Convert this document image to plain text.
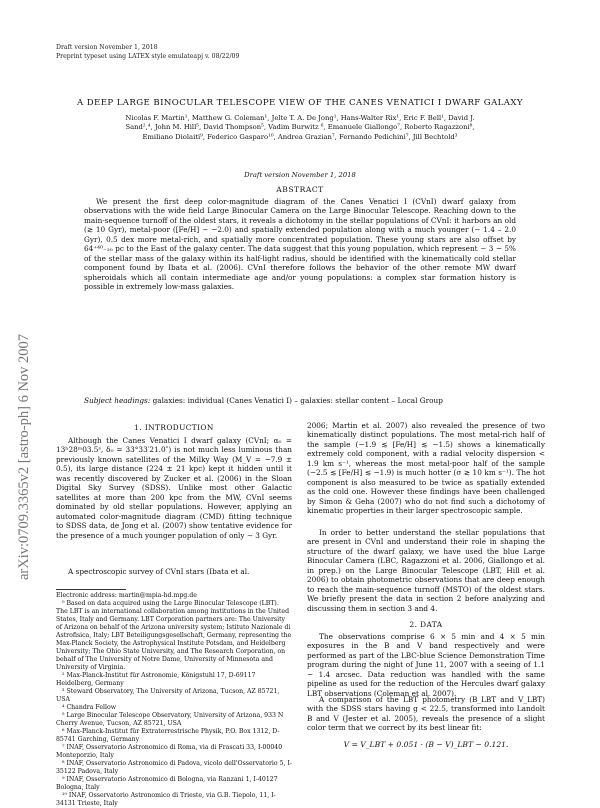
Draft version November 1, 2018
Preprint typeset using LATEX style emulateapj v. 08/22/09
arXiv:0709.3365v2 [astro-ph] 6 Nov 2007
A DEEP LARGE BINOCULAR TELESCOPE VIEW OF THE CANES VENATICI I DWARF GALAXY
Nicolas F. Martin¹, Matthew G. Coleman¹, Jelte T. A. De Jong¹, Hans-Walter Rix¹, Eric F. Bell¹, David J.
Sand²,⁴, John M. Hill⁵, David Thompson⁵, Vadim Burwitz ⁶, Emanuele Giallongo⁷, Roberto Ragazzoni⁸,
Emiliano Diolaiti⁹, Federico Gasparo¹⁰, Andrea Grazian⁷, Fernando Pedichini⁷, Jill Bechtold³
Draft version November 1, 2018
ABSTRACT

We present the first deep color-magnitude diagram of the Canes Venatici I (CVnI) dwarf galaxy from observations with the wide field Large Binocular Camera on the Large Binocular Telescope. Reaching down to the main-sequence turnoff of the oldest stars, it reveals a dichotomy in the stellar populations of CVnI: it harbors an old (≳ 10 Gyr), metal-poor ([Fe/H] ∼ −2.0) and spatially extended population along with a much younger (∼ 1.4 – 2.0 Gyr), 0.5 dex more metal-rich, and spatially more concentrated population. These young stars are also offset by 64⁺⁴⁰₋₂₀ pc to the East of the galaxy center. The data suggest that this young population, which represent ∼ 3 − 5% of the stellar mass of the galaxy within its half-light radius, should be identified with the kinematically cold stellar component found by Ibata et al. (2006). CVnI therefore follows the behavior of the other remote MW dwarf spheroidals which all contain intermediate age and/or young populations: a complex star formation history is possible in extremely low-mass galaxies.

Subject headings: galaxies: individual (Canes Venatici I) – galaxies: stellar content – Local Group

1. INTRODUCTION

Although the Canes Venatici I dwarf galaxy (CVnI; α₀ = 13ʰ28ᵐ03.5ˢ, δ₀ = 33°33′21.0″) is not much less luminous than previously known satellites of the Milky Way (M_V = −7.9 ± 0.5), its large distance (224 ± 21 kpc) kept it hidden until it was recently discovered by Zucker et al. (2006) in the Sloan Digital Sky Survey (SDSS). Unlike most other Galactic satellites at more than 200 kpc from the MW, CVnI seems dominated by old stellar populations. However, applying an automated color-magnitude diagram (CMD) fitting technique to SDSS data, de Jong et al. (2007) show tentative evidence for the presence of a much younger population of only ∼ 3 Gyr.

A spectroscopic survey of CVnI stars (Ibata et al.

Electronic address: martin@mpia-hd.mpg.de
⁰ Based on data acquired using the Large Binocular Telescope (LBT). The LBT is an international collaboration among institutions in the United States, Italy and Germany. LBT Corporation partners are: The University of Arizona on behalf of the Arizona university system; Istituto Nazionale di Astrofisica, Italy; LBT Beteiligungsgesellschaft, Germany, representing the Max-Planck Society, the Astrophysical Institute Potsdam, and Heidelberg University; The Ohio State University, and The Research Corporation, on behalf of The University of Notre Dame, University of Minnesota and University of Virginia.
² Max-Planck-Institut für Astronomie, Königstuhl 17, D-69117 Heidelberg, Germany
³ Steward Observatory, The University of Arizona, Tucson, AZ 85721, USA
⁴ Chandra Fellow
⁵ Large Binocular Telescope Observatory, University of Arizona, 933 N Cherry Avenue, Tucson, AZ 85721, USA
⁶ Max-Planck-Institut für Extraterrestrische Physik, P.O. Box 1312, D-85741 Garching, Germany
⁷ INAF, Osservatorio Astronomico di Roma, via di Frascati 33, I-00040 Monteporzio, Italy
⁸ INAF, Osservatorio Astronomico di Padova, vicolo dell'Osservatorio 5, I-35122 Padova, Italy
⁹ INAF, Osservatorio Astronomico di Bologna, via Ranzani 1, I-40127 Bologna, Italy
¹⁰ INAF, Osservatorio Astronomico di Trieste, via G.B. Tiepolo, 11, I-34131 Trieste, Italy

2006; Martin et al. 2007) also revealed the presence of two kinematically distinct populations. The most metal-rich half of the sample (−1.9 ≲ [Fe/H] ≲ −1.5) shows a kinematically extremely cold component, with a radial velocity dispersion < 1.9 km s⁻¹, whereas the most metal-poor half of the sample (−2.5 ≲ [Fe/H] ≲ −1.9) is much hotter (σ ≳ 10 km s⁻¹). The hot component is also measured to be twice as spatially extended as the cold one. However these findings have been challenged by Simon & Geha (2007) who do not find such a dichotomy of kinematic properties in their larger spectroscopic sample.

In order to better understand the stellar populations that are present in CVnI and understand their role in shaping the structure of the dwarf galaxy, we have used the blue Large Binocular Camera (LBC, Ragazzoni et al. 2006, Giallongo et al. in prep.) on the Large Binocular Telescope (LBT, Hill et al. 2006) to obtain photometric observations that are deep enough to reach the main-sequence turnoff (MSTO) of the oldest stars. We briefly present the data in section 2 before analyzing and discussing them in section 3 and 4.

2. DATA

The observations comprise 6 × 5 min and 4 × 5 min exposures in the B and V band respectively and were performed as part of the LBC-blue Science Demonstration Time program during the night of June 11, 2007 with a seeing of 1.1 − 1.4 arcsec. Data reduction was handled with the same pipeline as used for the reduction of the Hercules dwarf galaxy LBT observations (Coleman et al. 2007).

A comparison of the LBT photometry (B_LBT and V_LBT) with the SDSS stars having g < 22.5, transformed into Landolt B and V (Jester et al. 2005), reveals the presence of a slight color term that we correct by its best linear fit:

V = V_LBT + 0.051 · (B − V)_LBT − 0.121.
